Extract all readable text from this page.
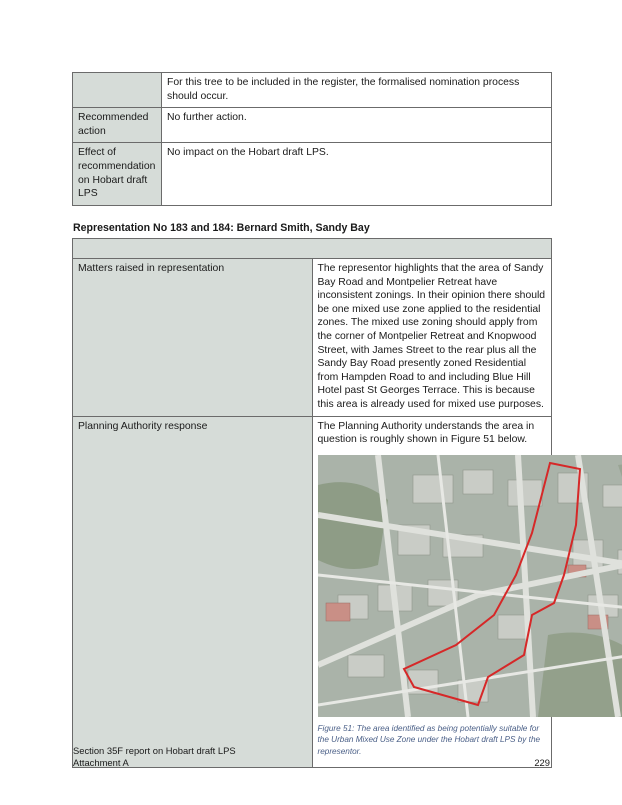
	For this tree to be included in the register, the formalised nomination process should occur.
Recommended action	No further action.
Effect of recommendation on Hobart draft LPS	No impact on the Hobart draft LPS.
Representation No 183 and 184: Bernard Smith, Sandy Bay

Matters raised in representation	The representor highlights that the area of Sandy Bay Road and Montpelier Retreat have inconsistent zonings. In their opinion there should be one mixed use zone applied to the residential zones. The mixed use zoning should apply from the corner of Montpelier Retreat and Knopwood Street, with James Street to the rear plus all the Sandy Bay Road presently zoned Residential from Hampden Road to and including Blue Hill Hotel past St Georges Terrace. This is because this area is already used for mixed use purposes.
Planning Authority response	The Planning Authority understands the area in question is roughly shown in Figure 51 below.
Figure 51: The area identified as being potentially suitable for the Urban Mixed Use Zone under the Hobart draft LPS by the representor.
Section 35F report on Hobart draft LPS
Attachment A	229
